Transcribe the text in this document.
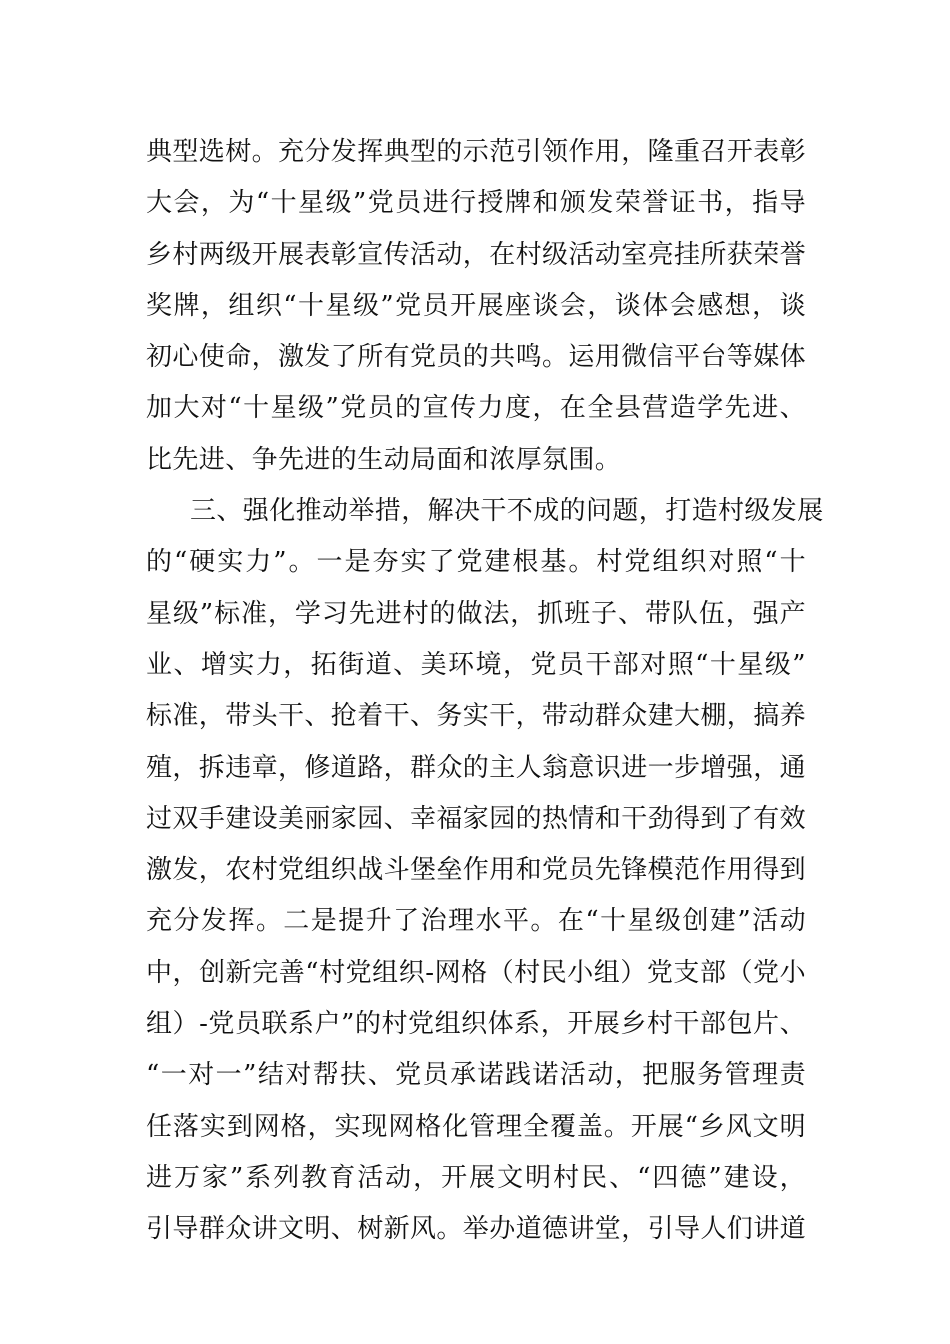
典型选树。充分发挥典型的示范引领作用，隆重召开表彰
大会，为“十星级”党员进行授牌和颁发荣誉证书，指导
乡村两级开展表彰宣传活动，在村级活动室亮挂所获荣誉
奖牌，组织“十星级”党员开展座谈会，谈体会感想，谈
初心使命，激发了所有党员的共鸣。运用微信平台等媒体
加大对“十星级”党员的宣传力度，在全县营造学先进、
比先进、争先进的生动局面和浓厚氛围。
三、强化推动举措，解决干不成的问题，打造村级发展
的“硬实力”。一是夯实了党建根基。村党组织对照“十
星级”标准，学习先进村的做法，抓班子、带队伍，强产
业、增实力，拓街道、美环境，党员干部对照“十星级”
标准，带头干、抢着干、务实干，带动群众建大棚，搞养
殖，拆违章，修道路，群众的主人翁意识进一步增强，通
过双手建设美丽家园、幸福家园的热情和干劲得到了有效
激发，农村党组织战斗堡垒作用和党员先锋模范作用得到
充分发挥。二是提升了治理水平。在“十星级创建”活动
中，创新完善“村党组织-网格（村民小组）党支部（党小
组）-党员联系户”的村党组织体系，开展乡村干部包片、
“一对一”结对帮扶、党员承诺践诺活动，把服务管理责
任落实到网格，实现网格化管理全覆盖。开展“乡风文明
进万家”系列教育活动，开展文明村民、“四德”建设，
引导群众讲文明、树新风。举办道德讲堂，引导人们讲道
